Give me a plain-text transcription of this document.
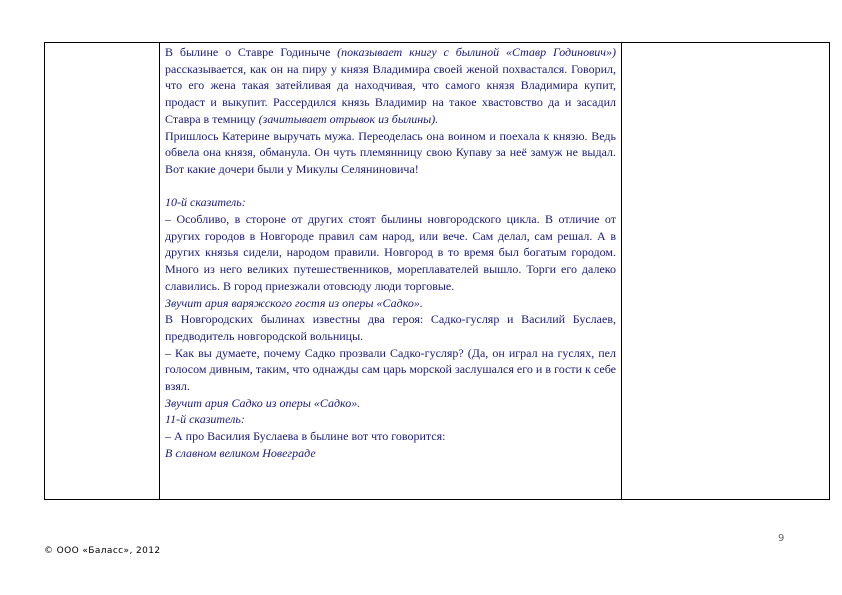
В былине о Ставре Годиныче (показывает книгу с былиной «Ставр Годинович») рассказывается, как он на пиру у князя Владимира своей женой похвастался. Говорил, что его жена такая затейливая да находчивая, что самого князя Владимира купит, продаст и выкупит. Рассердился князь Владимир на такое хвастовство да и засадил Ставра в темницу (зачитывает отрывок из былины).

Пришлось Катерине выручать мужа. Переоделась она воином и поехала к князю. Ведь обвела она князя, обманула. Он чуть племянницу свою Купаву за неё замуж не выдал. Вот какие дочери были у Микулы Селяниновича!

10-й сказитель:

– Особливо, в стороне от других стоят былины новгородского цикла. В отличие от других городов в Новгороде правил сам народ, или вече. Сам делал, сам решал. А в других князья сидели, народом правили. Новгород в то время был богатым городом. Много из него великих путешественников, мореплавателей вышло. Торги его далеко славились. В город приезжали отовсюду люди торговые.

Звучит ария варяжского гостя из оперы «Садко».

В Новгородских былинах известны два героя: Садко-гусляр и Василий Буслаев, предводитель новгородской вольницы.

– Как вы думаете, почему Садко прозвали Садко-гусляр? (Да, он играл на гуслях, пел голосом дивным, таким, что однажды сам царь морской заслушался его и в гости к себе взял.

Звучит ария Садко из оперы «Садко».

11-й сказитель:

– А про Василия Буслаева в былине вот что говорится:

В славном великом Новеграде

9
© ООО «Баласс», 2012
